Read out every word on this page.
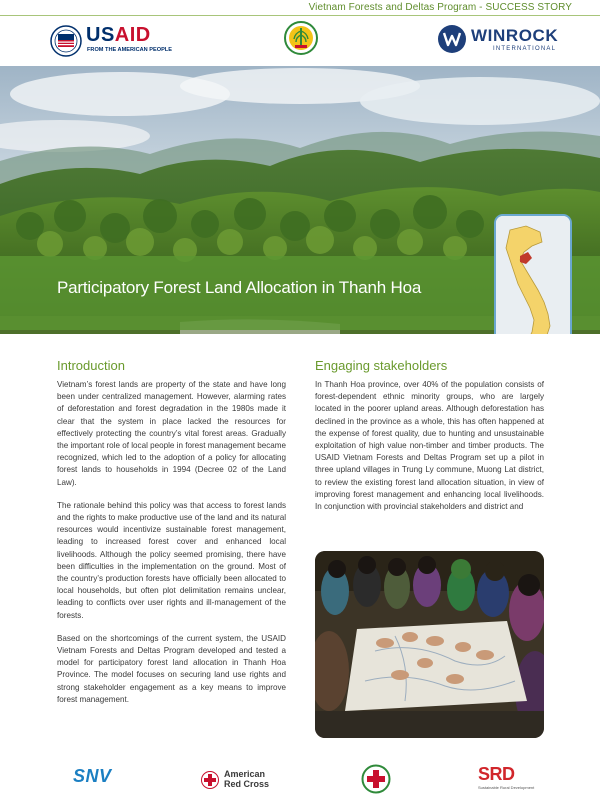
Vietnam Forests and Deltas Program - SUCCESS STORY
USAID
FROM THE AMERICAN PEOPLE
WINROCK
INTERNATIONAL
Participatory Forest Land Allocation in Thanh Hoa
Introduction

Vietnam’s forest lands are property of the state and have long been under centralized management. However, alarming rates of deforestation and forest degradation in the 1980s made it clear that the system in place lacked the resources for effectively protecting the country’s vital forest areas. Gradually the important role of local people in forest management became recognized, which led to the adoption of a policy for allocating forest lands to households in 1994 (Decree 02 of the Land Law).

The rationale behind this policy was that access to forest lands and the rights to make productive use of the land and its natural resources would incentivize sustainable forest management, leading to increased forest cover and enhanced local livelihoods. Although the policy seemed promising, there have been difficulties in the implementation on the ground. Most of the country’s production forests have officially been allocated to local households, but often plot delimitation remains unclear, leading to conflicts over user rights and ill-management of the forests.

Based on the shortcomings of the current system, the USAID Vietnam Forests and Deltas Program developed and tested a model for participatory forest land allocation in Thanh Hoa Province. The model focuses on securing land use rights and strong stakeholder engagement as a key means to improve forest management.

Engaging stakeholders

In Thanh Hoa province, over 40% of the population consists of forest-dependent ethnic minority groups, who are largely located in the poorer upland areas. Although deforestation has declined in the province as a whole, this has often happened at the expense of forest quality, due to hunting and unsustainable exploitation of high value non-timber and timber products. The USAID Vietnam Forests and Deltas Program set up a pilot in three upland villages in Trung Ly commune, Muong Lat district, to review the existing forest land allocation situation, in view of improving forest management and enhancing local livelihoods. In conjunction with provincial stakeholders and district and

SNV	American
Red Cross	SRD
Sustainable Rural Development
